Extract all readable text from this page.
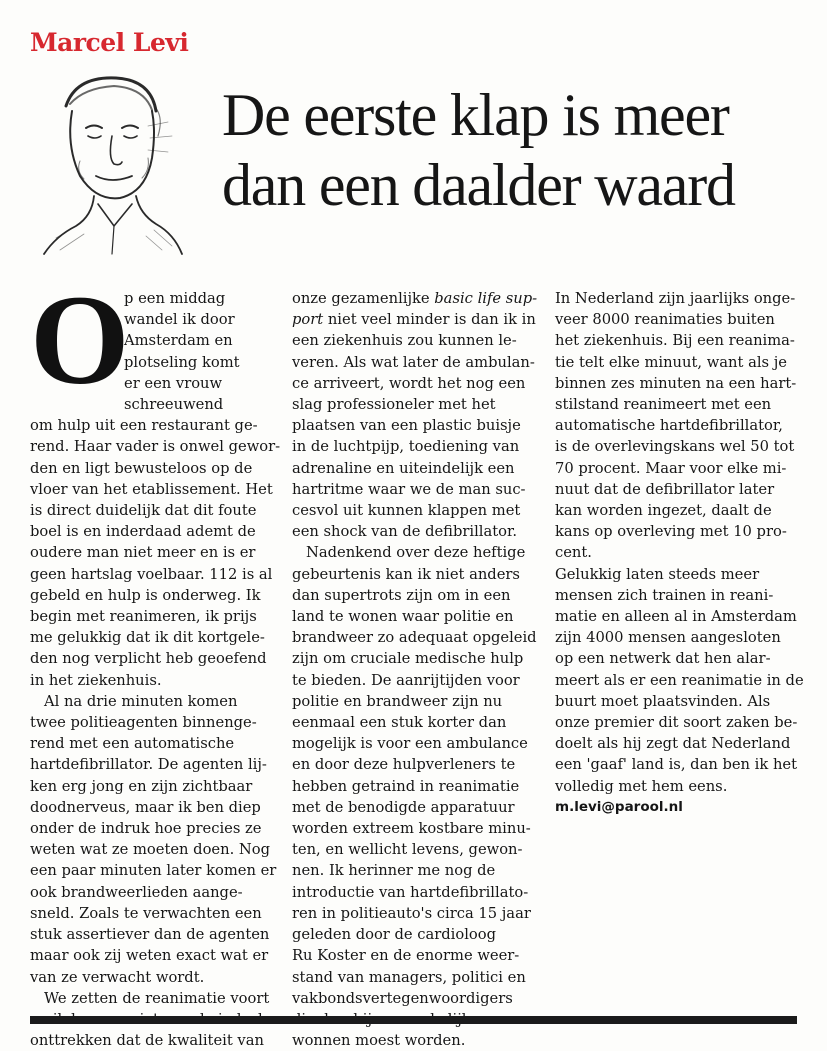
Marcel Levi
De eerste klap is meer
dan een daalder waard
O
p een middag
wandel ik door
Amsterdam en
plotseling komt
er een vrouw
schreeuwend
om hulp uit een restaurant ge-
rend. Haar vader is onwel gewor-
den en ligt bewusteloos op de
vloer van het etablissement. Het
is direct duidelijk dat dit foute
boel is en inderdaad ademt de
oudere man niet meer en is er
geen hartslag voelbaar. 112 is al
gebeld en hulp is onderweg. Ik
begin met reanimeren, ik prijs
me gelukkig dat ik dit kortgele-
den nog verplicht heb geoefend
in het ziekenhuis.
Al na drie minuten komen
twee politieagenten binnenge-
rend met een automatische
hartdefibrillator. De agenten lij-
ken erg jong en zijn zichtbaar
doodnerveus, maar ik ben diep
onder de indruk hoe precies ze
weten wat ze moeten doen. Nog
een paar minuten later komen er
ook brandweerlieden aange-
sneld. Zoals te verwachten een
stuk assertiever dan de agenten
maar ook zij weten exact wat er
van ze verwacht wordt.
We zetten de reanimatie voort
onttrekken dat de kwaliteit van
onze gezamenlijke basic life sup-
port niet veel minder is dan ik in
een ziekenhuis zou kunnen le-
veren. Als wat later de ambulan-
ce arriveert, wordt het nog een
slag professioneler met het
plaatsen van een plastic buisje
in de luchtpijp, toediening van
adrenaline en uiteindelijk een
hartritme waar we de man suc-
cesvol uit kunnen klappen met
een shock van de defibrillator.
Nadenkend over deze heftige
gebeurtenis kan ik niet anders
dan supertrots zijn om in een
land te wonen waar politie en
brandweer zo adequaat opgeleid
zijn om cruciale medische hulp
te bieden. De aanrijtijden voor
politie en brandweer zijn nu
eenmaal een stuk korter dan
mogelijk is voor een ambulance
en door deze hulpverleners te
hebben getraind in reanimatie
met de benodigde apparatuur
worden extreem kostbare minu-
ten, en wellicht levens, gewon-
nen. Ik herinner me nog de
introductie van hartdefibrillato-
ren in politieauto's circa 15 jaar
geleden door de cardioloog
Ru Koster en de enorme weer-
stand van managers, politici en
vakbondsvertegenwoordigers
wonnen moest worden.
In Nederland zijn jaarlijks onge-
veer 8000 reanimaties buiten
het ziekenhuis. Bij een reanima-
tie telt elke minuut, want als je
binnen zes minuten na een hart-
stilstand reanimeert met een
automatische hartdefibrillator,
is de overlevingskans wel 50 tot
70 procent. Maar voor elke mi-
nuut dat de defibrillator later
kan worden ingezet, daalt de
kans op overleving met 10 pro-
cent.
Gelukkig laten steeds meer
mensen zich trainen in reani-
matie en alleen al in Amsterdam
zijn 4000 mensen aangesloten
op een netwerk dat hen alar-
meert als er een reanimatie in de
buurt moet plaatsvinden. Als
onze premier dit soort zaken be-
doelt als hij zegt dat Nederland
een 'gaaf' land is, dan ben ik het
volledig met hem eens.
m.levi@parool.nl
